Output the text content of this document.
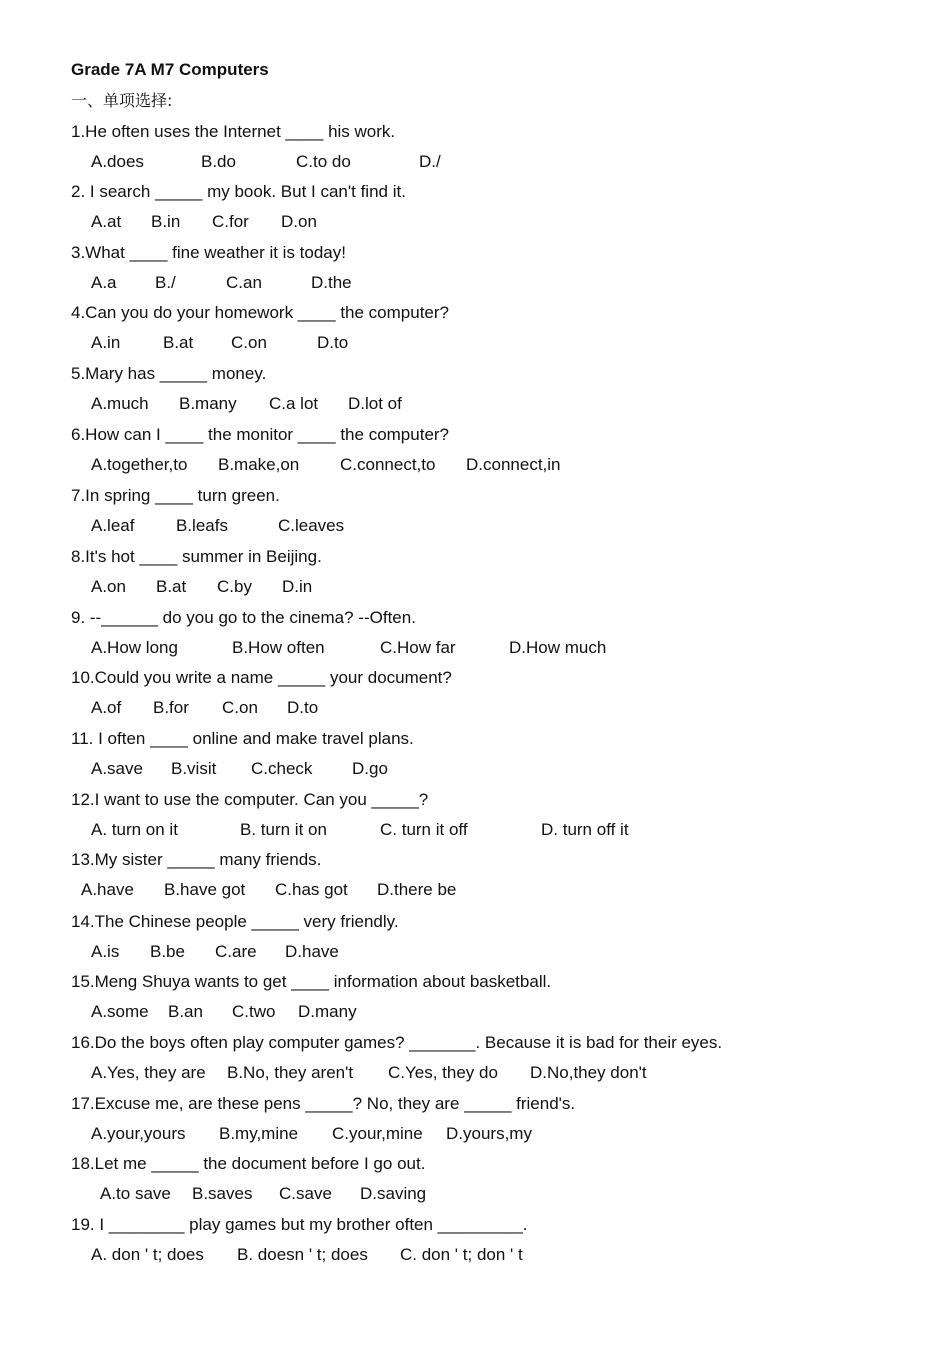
Grade 7A M7 Computers
一、单项选择:
1.He often uses the Internet ____ his work.
A.does	B.do	C.to do	D./
2. I search _____ my book. But I can't find it.
A.at B.in C.for D.on
3.What ____ fine weather it is today!
A.a B./	C.an	D.the
4.Can you do your homework ____ the computer?
A.in	B.at C.on	D.to
5.Mary has _____ money.
A.much B.many C.a lot D.lot of
6.How can I ____ the monitor ____ the computer?
A.together,to B.make,on C.connect,to D.connect,in
7.In spring ____ turn green.
A.leaf B.leafs	C.leaves
8.It's hot ____ summer in Beijing.
A.on B.at C.by D.in
9. --______ do you go to the cinema? --Often.
A.How long	B.How often	C.How far	D.How much
10.Could you write a name _____ your document?
A.of B.for C.on D.to
11. I often ____ online and make travel plans.
A.save B.visit C.check D.go
12.I want to use the computer. Can you _____?
A. turn on it	B. turn it on	C. turn it off	D. turn off it
13.My sister _____ many friends.
A.have B.have got C.has got D.there be
14.The Chinese people _____ very friendly.
A.is B.be C.are D.have
15.Meng Shuya wants to get ____ information about basketball.
A.some B.an C.two D.many
16.Do the boys often play computer games? _______. Because it is bad for their eyes.
A.Yes, they are B.No, they aren't C.Yes, they do D.No,they don't
17.Excuse me, are these pens _____? No, they are _____ friend's.
A.your,yours B.my,mine C.your,mine D.yours,my
18.Let me _____ the document before I go out.
A.to save B.saves C.save D.saving
19. I ________ play games but my brother often _________.
A. don ' t; does B. doesn ' t; does C. don ' t; don ' t
